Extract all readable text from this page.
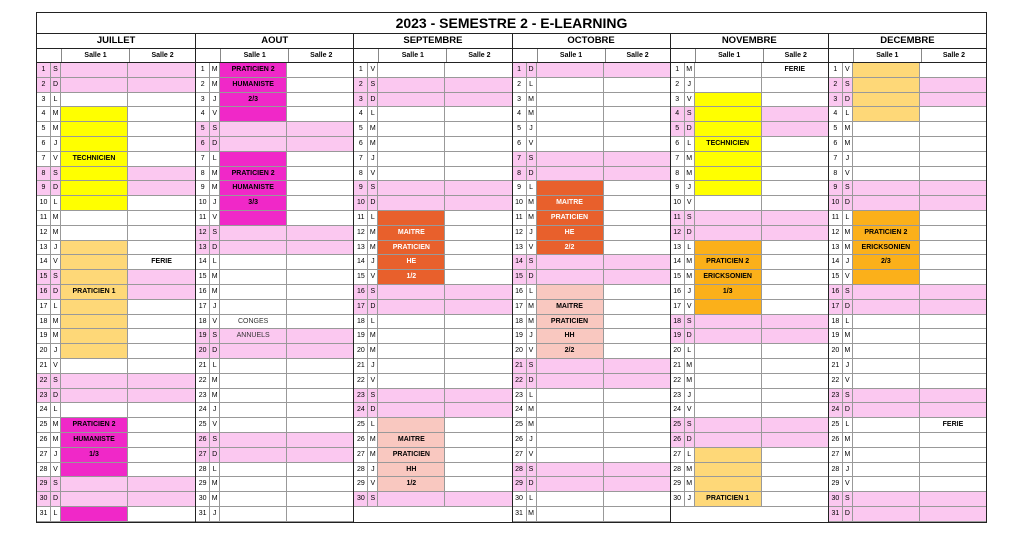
2023 - SEMESTRE 2 - E-LEARNING
JUILLET
Salle 1	Salle 2
1	S
2	D
3	L
4	M
5	M
6	J
7	V	TECHNICIEN
8	S
9	D
10 L
11 M
12 M
13 J
14 V	FERIE
15 S
16 D	PRATICIEN 1
17 L
18 M
19 M
20 J
21 V
22 S
23 D
24 L
25 M	PRATICIEN 2
26 M	HUMANISTE
27 J	1/3
28 V
29 S
30 D
31 L
AOUT
Salle 1	Salle 2
1	M	PRATICIEN 2
2	M	HUMANISTE
3	J	2/3
4	V
5	S
6	D
7	L
8	M	PRATICIEN 2
9	M	HUMANISTE
10 J	3/3
11 V
12 S
13 D
14 L
15 M
16 M
17 J
18 V	CONGES
19 S	ANNUELS
20 D
21 L
22 M
23 M
24 J
25 V
26 S
27 D
28 L
29 M
30 M
31 J
SEPTEMBRE
Salle 1	Salle 2
1	V
2	S
3	D
4	L
5	M
6	M
7	J
8	V
9	S
10 D
11 L
12 M	MAITRE
13 M	PRATICIEN
14 J	HE
15 V	1/2
16 S
17 D
18 L
19 M
20 M
21 J
22 V
23 S
24 D
25 L
26 M	MAITRE
27 M	PRATICIEN
28 J	HH
29 V	1/2
30 S
OCTOBRE
Salle 1	Salle 2
1	D
2	L
3	M
4	M
5	J
6	V
7	S
8	D
9	L
10 M	MAITRE
11 M	PRATICIEN
12 J	HE
13 V	2/2
14 S
15 D
16 L
17 M	MAITRE
18 M	PRATICIEN
19 J	HH
20 V	2/2
21 S
22 D
23 L
24 M
25 M
26 J
27 V
28 S
29 D
30 L
31 M
NOVEMBRE
Salle 1	Salle 2
1	M	FERIE
2	J
3	V
4	S
5	D
6	L	TECHNICIEN
7	M
8	M
9	J
10 V
11 S
12 D
13 L
14 M	PRATICIEN 2
15 M	ERICKSONIEN
16 J	1/3
17 V
18 S
19 D
20 L
21 M
22 M
23 J
24 V
25 S
26 D
27 L
28 M
29 M
30 J	PRATICIEN 1
DECEMBRE
Salle 1	Salle 2
1	V
2	S
3	D
4	L
5	M
6	M
7	J
8	V
9	S
10 D
11 L
12 M	PRATICIEN 2
13 M	ERICKSONIEN
14 J	2/3
15 V
16 S
17 D
18 L
19 M
20 M
21 J
22 V
23 S
24 D
25 L	FERIE
26 M
27 M
28 J
29 V
30 S
31 D
